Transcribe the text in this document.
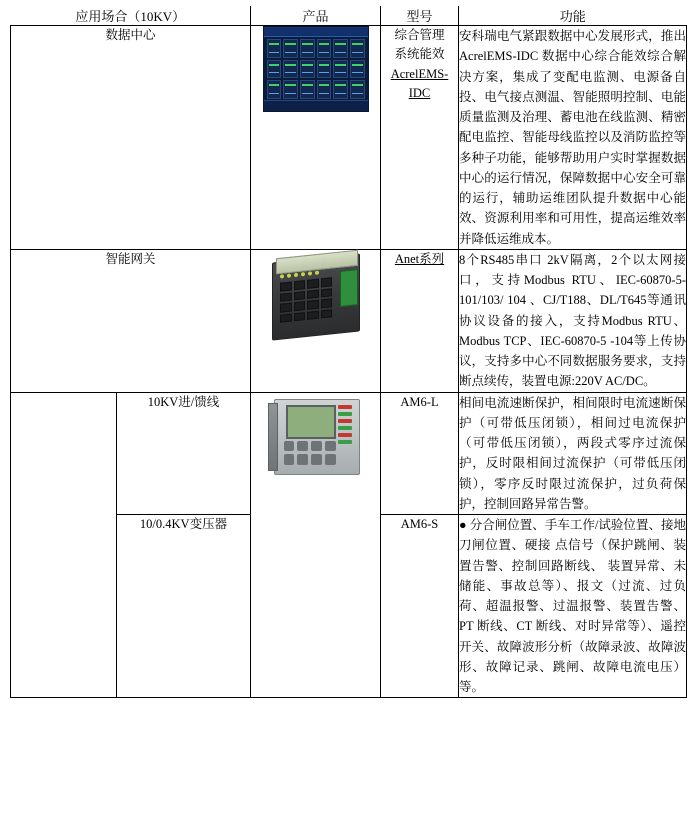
应用场合（10KV）		产品	型号	功能
数据中心			综合管理
系统能效
AcrelEMS-
IDC	安科瑞电气紧跟数据中心发展形式，推出 AcrelEMS-IDC 数据中心综合能效综合解决方案，集成了变配电监测、电源备自投、电气接点测温、智能照明控制、电能质量监测及治理、蓄电池在线监测、精密配电监控、智能母线监控以及消防监控等多种子功能，能够帮助用户实时掌握数据中心的运行情况，保障数据中心安全可靠的运行，辅助运维团队提升数据中心能效、资源利用率和可用性，提高运维效率并降低运维成本。
智能网关			Anet系列	8个RS485串口 2kV隔离，2个以太网接口，支持Modbus RTU、IEC-60870-5-101/103/ 104 、CJ/T188、DL/T645等通讯协议设备的接入，支持Modbus RTU、Modbus TCP、IEC-60870-5 -104等上传协议，支持多中心不同数据服务要求，支持断点续传，装置电源:220V AC/DC。
	10KV进/馈线		AM6-L	相间电流速断保护，相间限时电流速断保护（可带低压闭锁），相间过电流保护（可带低压闭锁），两段式零序过流保护，反时限相间过流保护（可带低压闭锁），零序反时限过流保护，过负荷保护，控制回路异常告警。
	10/0.4KV变压器		AM6-S	● 分合闸位置、手车工作/试验位置、接地刀闸位置、硬接 点信号（保护跳闸、装置告警、控制回路断线、 装置异常、未储能、事故总等）、报文（过流、过负荷、超温报警、过温报警、装置告警、PT 断线、CT 断线、对时异常等）、遥控 开关、故障波形分析（故障录波、故障波形、故障记录、跳闸、故障电流电压）等。
